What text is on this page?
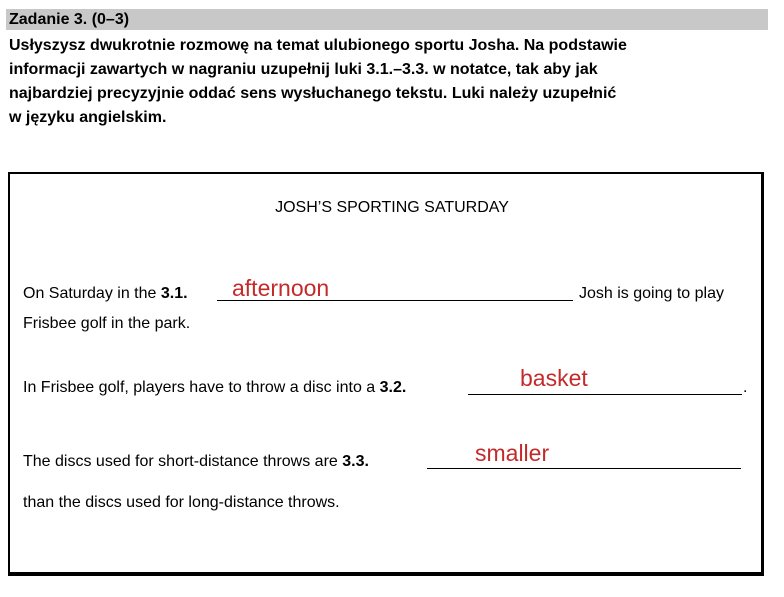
Zadanie 3. (0–3)
Usłyszysz dwukrotnie rozmowę na temat ulubionego sportu Josha. Na podstawie
informacji zawartych w nagraniu uzupełnij luki 3.1.–3.3. w notatce, tak aby jak
najbardziej precyzyjnie oddać sens wysłuchanego tekstu. Luki należy uzupełnić
w języku angielskim.
JOSH’S SPORTING SATURDAY
On Saturday in the 3.1. afternoon	Josh is going to play
Frisbee golf in the park.
In Frisbee golf, players have to throw a disc into a 3.2.	basket	.
The discs used for short-distance throws are 3.3.	smaller
than the discs used for long-distance throws.
